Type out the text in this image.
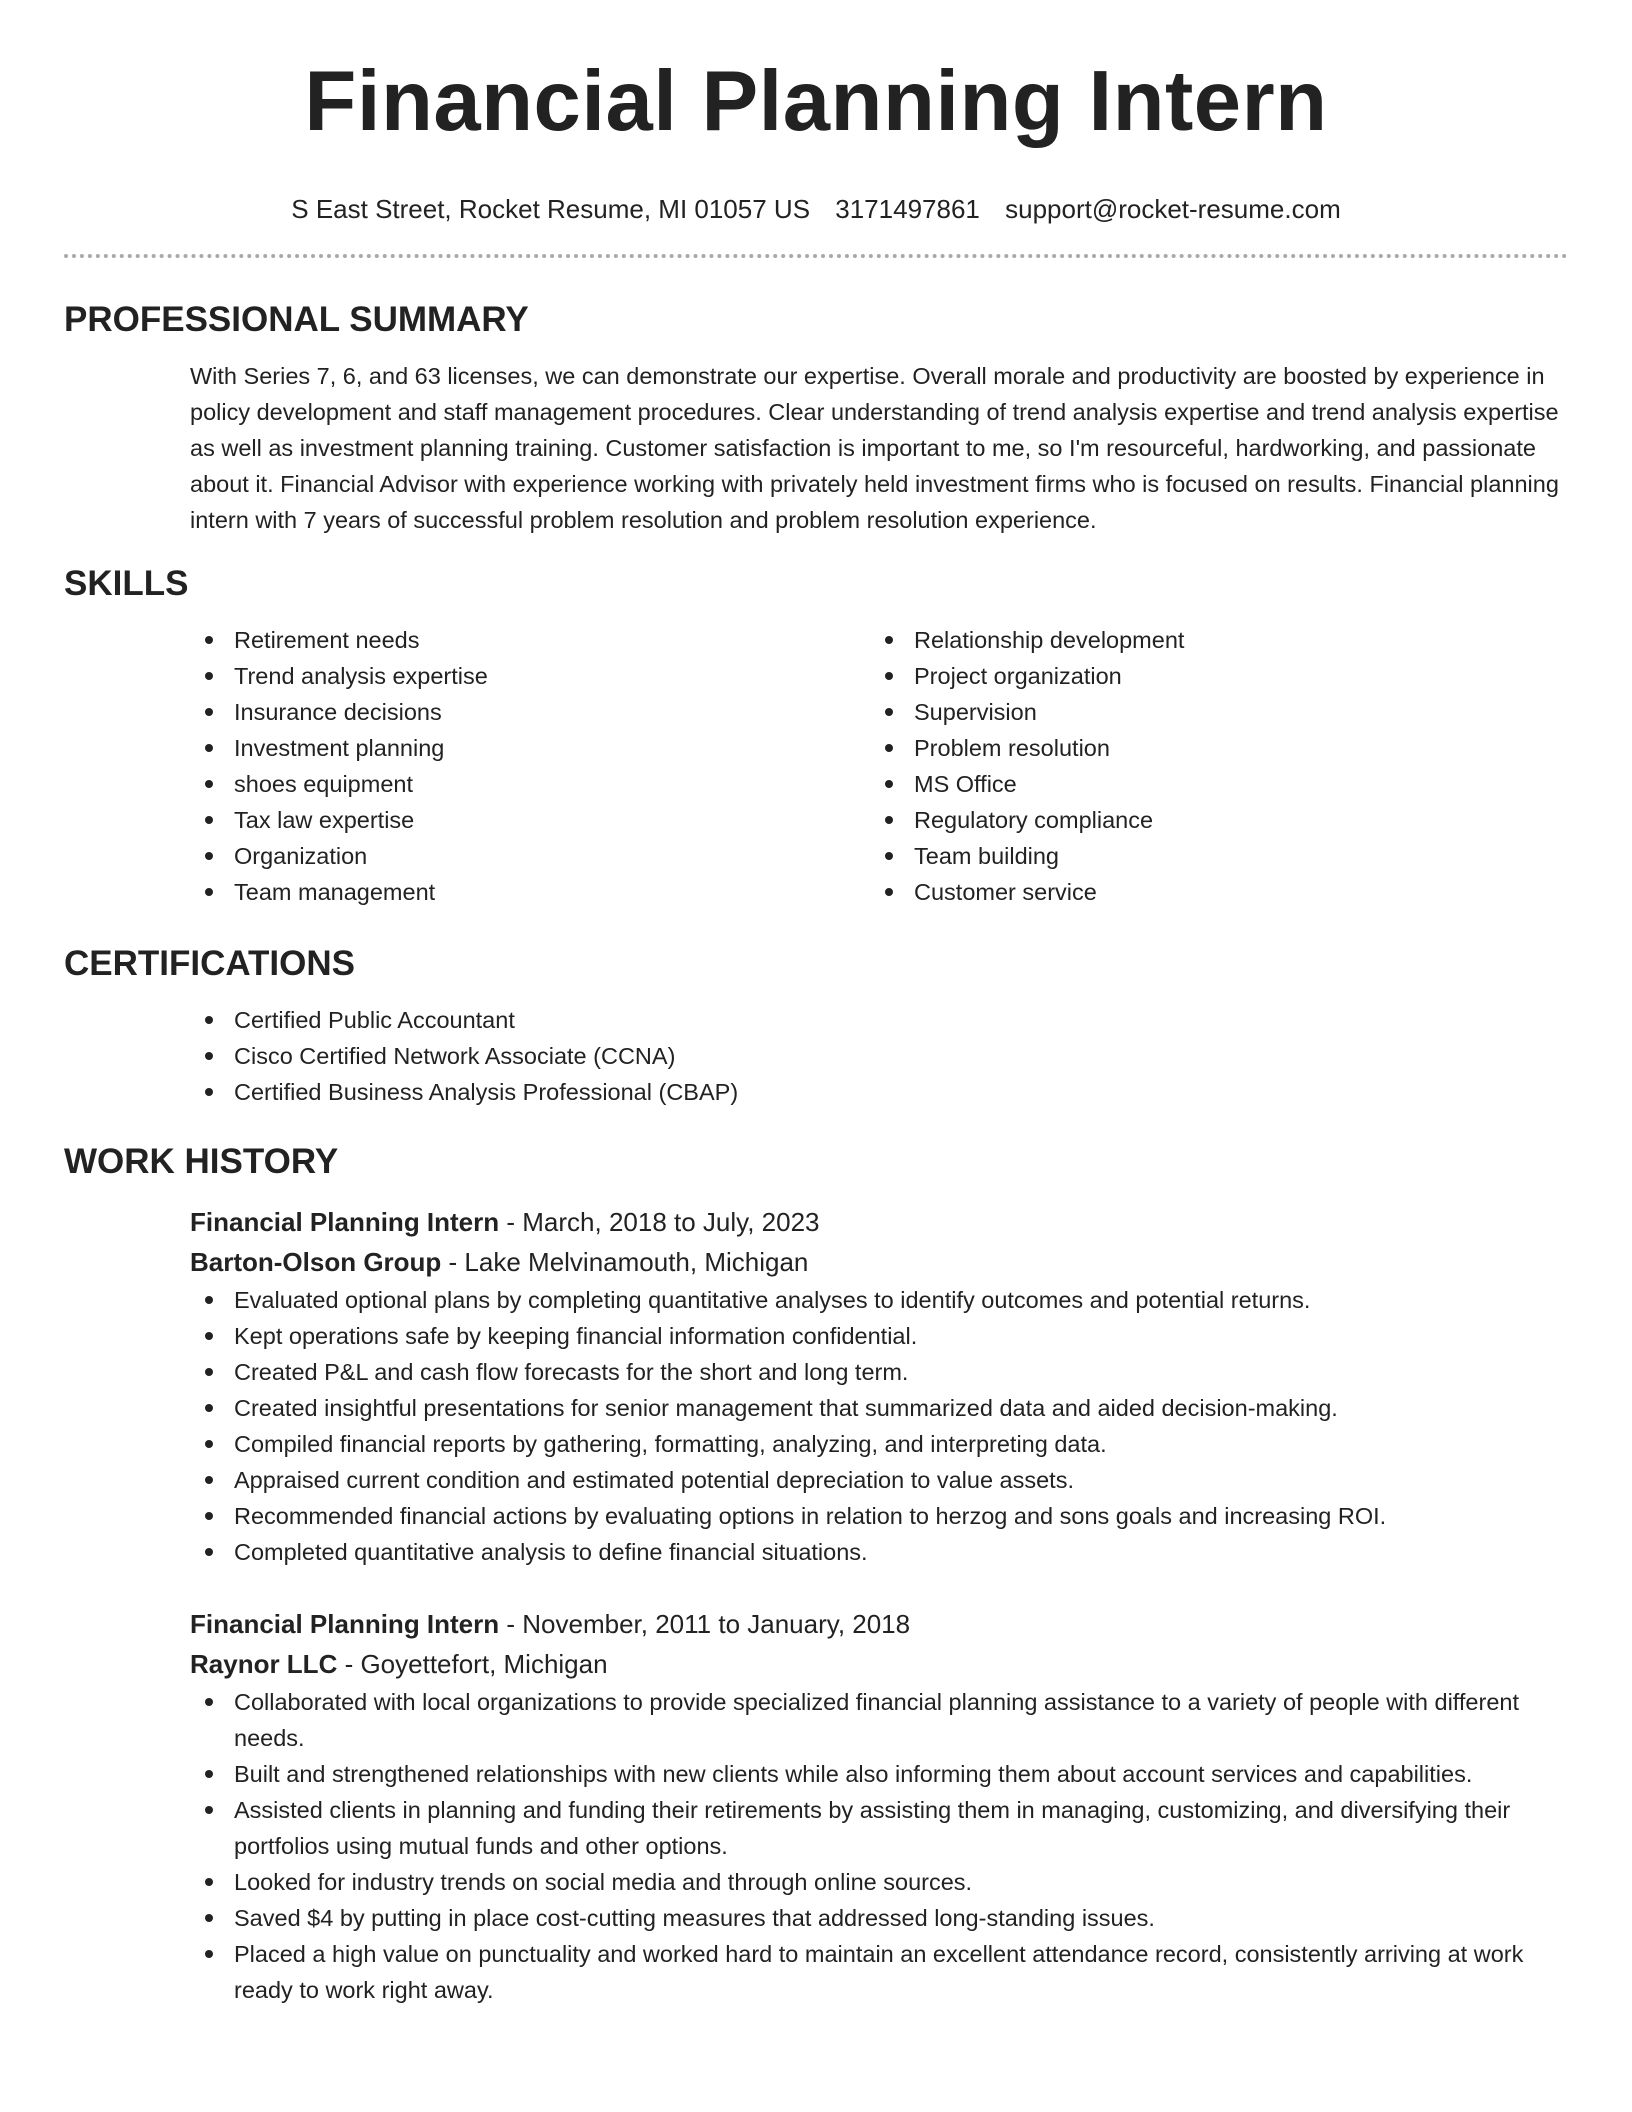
Financial Planning Intern
S East Street, Rocket Resume, MI 01057 US 3171497861 support@rocket-resume.com
PROFESSIONAL SUMMARY
With Series 7, 6, and 63 licenses, we can demonstrate our expertise. Overall morale and productivity are boosted by experience in policy development and staff management procedures. Clear understanding of trend analysis expertise and trend analysis expertise as well as investment planning training. Customer satisfaction is important to me, so I'm resourceful, hardworking, and passionate about it. Financial Advisor with experience working with privately held investment firms who is focused on results. Financial planning intern with 7 years of successful problem resolution and problem resolution experience.
SKILLS
Retirement needs
Trend analysis expertise
Insurance decisions
Investment planning
shoes equipment
Tax law expertise
Organization
Team management
Relationship development
Project organization
Supervision
Problem resolution
MS Office
Regulatory compliance
Team building
Customer service
CERTIFICATIONS
Certified Public Accountant
Cisco Certified Network Associate (CCNA)
Certified Business Analysis Professional (CBAP)
WORK HISTORY
Financial Planning Intern - March, 2018 to July, 2023
Barton-Olson Group - Lake Melvinamouth, Michigan
Evaluated optional plans by completing quantitative analyses to identify outcomes and potential returns.
Kept operations safe by keeping financial information confidential.
Created P&L and cash flow forecasts for the short and long term.
Created insightful presentations for senior management that summarized data and aided decision-making.
Compiled financial reports by gathering, formatting, analyzing, and interpreting data.
Appraised current condition and estimated potential depreciation to value assets.
Recommended financial actions by evaluating options in relation to herzog and sons goals and increasing ROI.
Completed quantitative analysis to define financial situations.
Financial Planning Intern - November, 2011 to January, 2018
Raynor LLC - Goyettefort, Michigan
Collaborated with local organizations to provide specialized financial planning assistance to a variety of people with different needs.
Built and strengthened relationships with new clients while also informing them about account services and capabilities.
Assisted clients in planning and funding their retirements by assisting them in managing, customizing, and diversifying their portfolios using mutual funds and other options.
Looked for industry trends on social media and through online sources.
Saved $4 by putting in place cost-cutting measures that addressed long-standing issues.
Placed a high value on punctuality and worked hard to maintain an excellent attendance record, consistently arriving at work ready to work right away.
